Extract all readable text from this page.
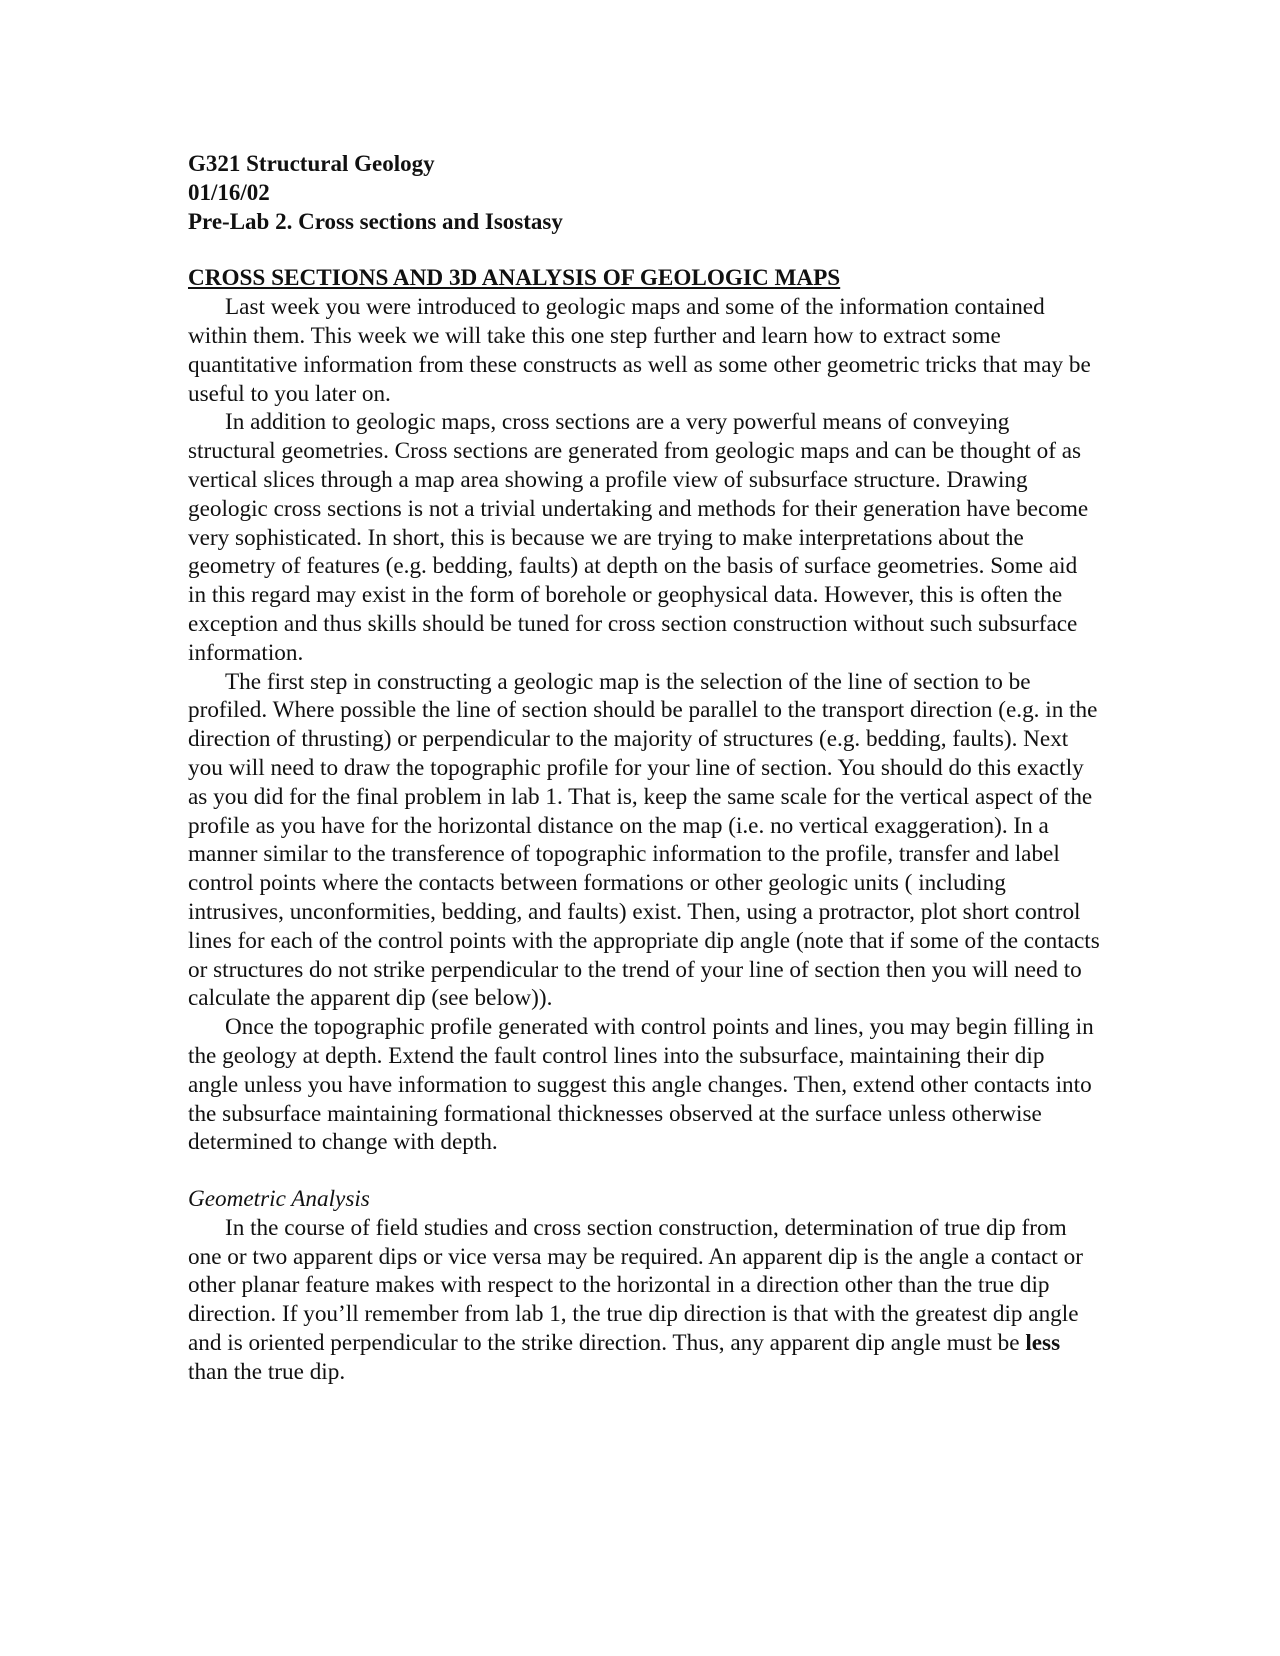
G321 Structural Geology
01/16/02
Pre-Lab 2. Cross sections and Isostasy
CROSS SECTIONS AND 3D ANALYSIS OF GEOLOGIC MAPS

Last week you were introduced to geologic maps and some of the information contained within them. This week we will take this one step further and learn how to extract some quantitative information from these constructs as well as some other geometric tricks that may be useful to you later on.

In addition to geologic maps, cross sections are a very powerful means of conveying structural geometries. Cross sections are generated from geologic maps and can be thought of as vertical slices through a map area showing a profile view of subsurface structure. Drawing geologic cross sections is not a trivial undertaking and methods for their generation have become very sophisticated. In short, this is because we are trying to make interpretations about the geometry of features (e.g. bedding, faults) at depth on the basis of surface geometries. Some aid in this regard may exist in the form of borehole or geophysical data. However, this is often the exception and thus skills should be tuned for cross section construction without such subsurface information.

The first step in constructing a geologic map is the selection of the line of section to be profiled. Where possible the line of section should be parallel to the transport direction (e.g. in the direction of thrusting) or perpendicular to the majority of structures (e.g. bedding, faults). Next you will need to draw the topographic profile for your line of section. You should do this exactly as you did for the final problem in lab 1. That is, keep the same scale for the vertical aspect of the profile as you have for the horizontal distance on the map (i.e. no vertical exaggeration). In a manner similar to the transference of topographic information to the profile, transfer and label control points where the contacts between formations or other geologic units ( including intrusives, unconformities, bedding, and faults) exist. Then, using a protractor, plot short control lines for each of the control points with the appropriate dip angle (note that if some of the contacts or structures do not strike perpendicular to the trend of your line of section then you will need to calculate the apparent dip (see below)).

Once the topographic profile generated with control points and lines, you may begin filling in the geology at depth. Extend the fault control lines into the subsurface, maintaining their dip angle unless you have information to suggest this angle changes. Then, extend other contacts into the subsurface maintaining formational thicknesses observed at the surface unless otherwise determined to change with depth.

Geometric Analysis

In the course of field studies and cross section construction, determination of true dip from one or two apparent dips or vice versa may be required. An apparent dip is the angle a contact or other planar feature makes with respect to the horizontal in a direction other than the true dip direction. If you’ll remember from lab 1, the true dip direction is that with the greatest dip angle and is oriented perpendicular to the strike direction. Thus, any apparent dip angle must be less than the true dip.
